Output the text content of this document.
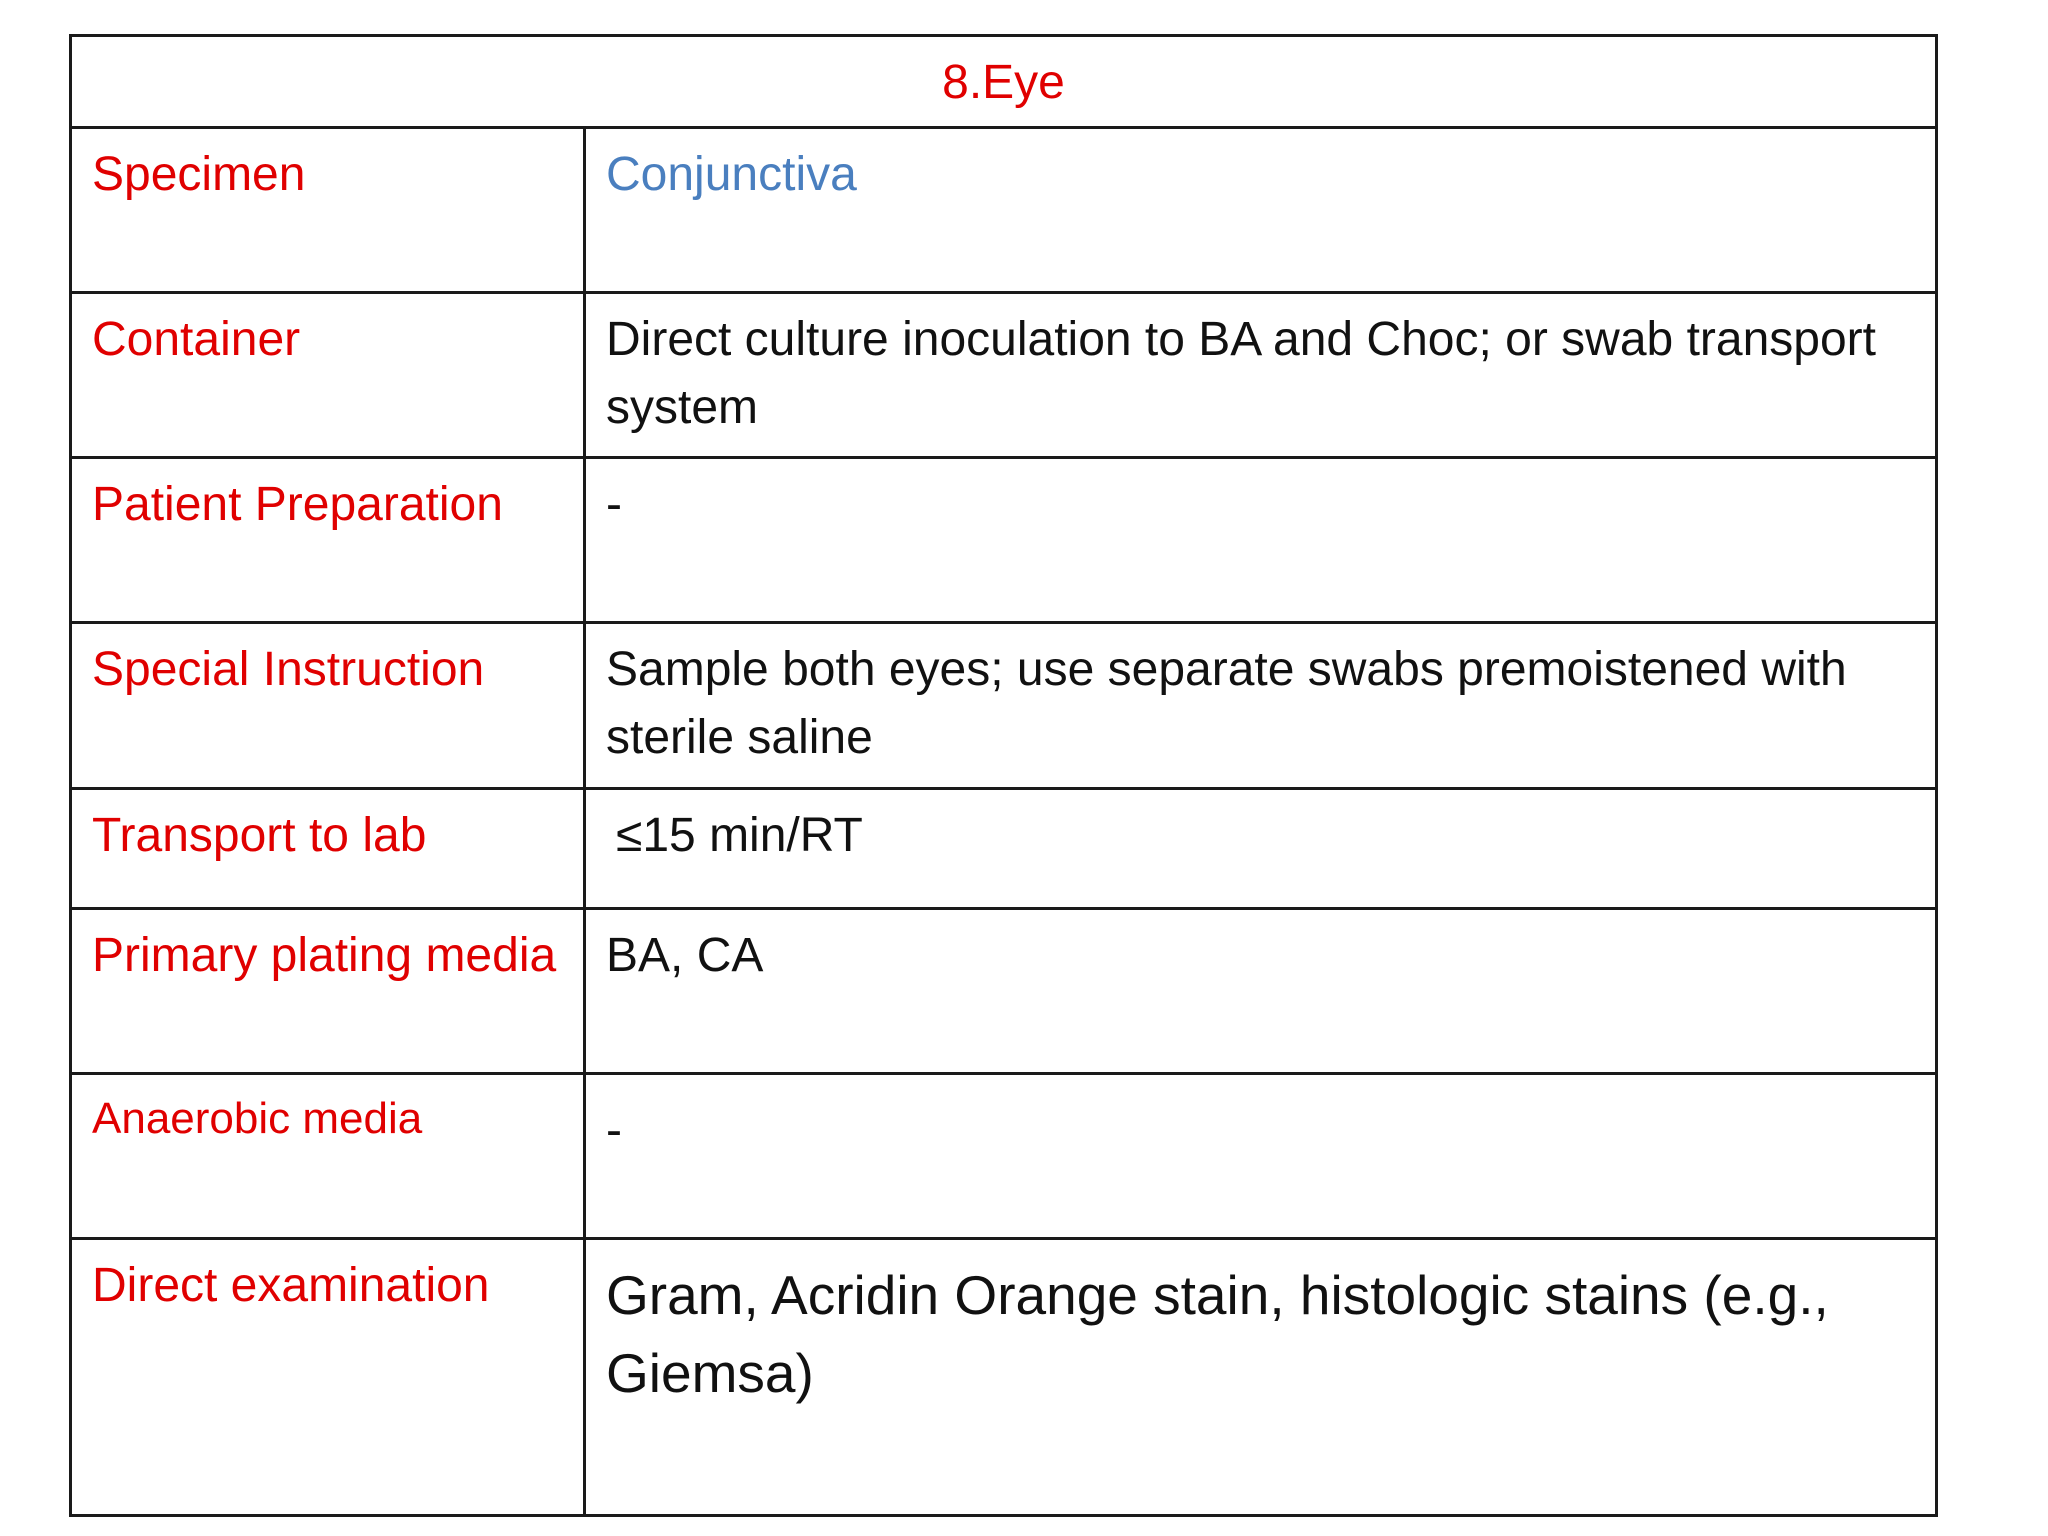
8.Eye	
Specimen	Conjunctiva
Container	Direct culture inoculation to BA and Choc; or swab transport system
Patient Preparation	-
Special Instruction	Sample both eyes; use separate swabs premoistened with sterile saline
Transport to lab	≤15 min/RT
Primary plating media	BA, CA
Anaerobic media	-
Direct examination	Gram, Acridin Orange stain, histologic stains (e.g., Giemsa)
